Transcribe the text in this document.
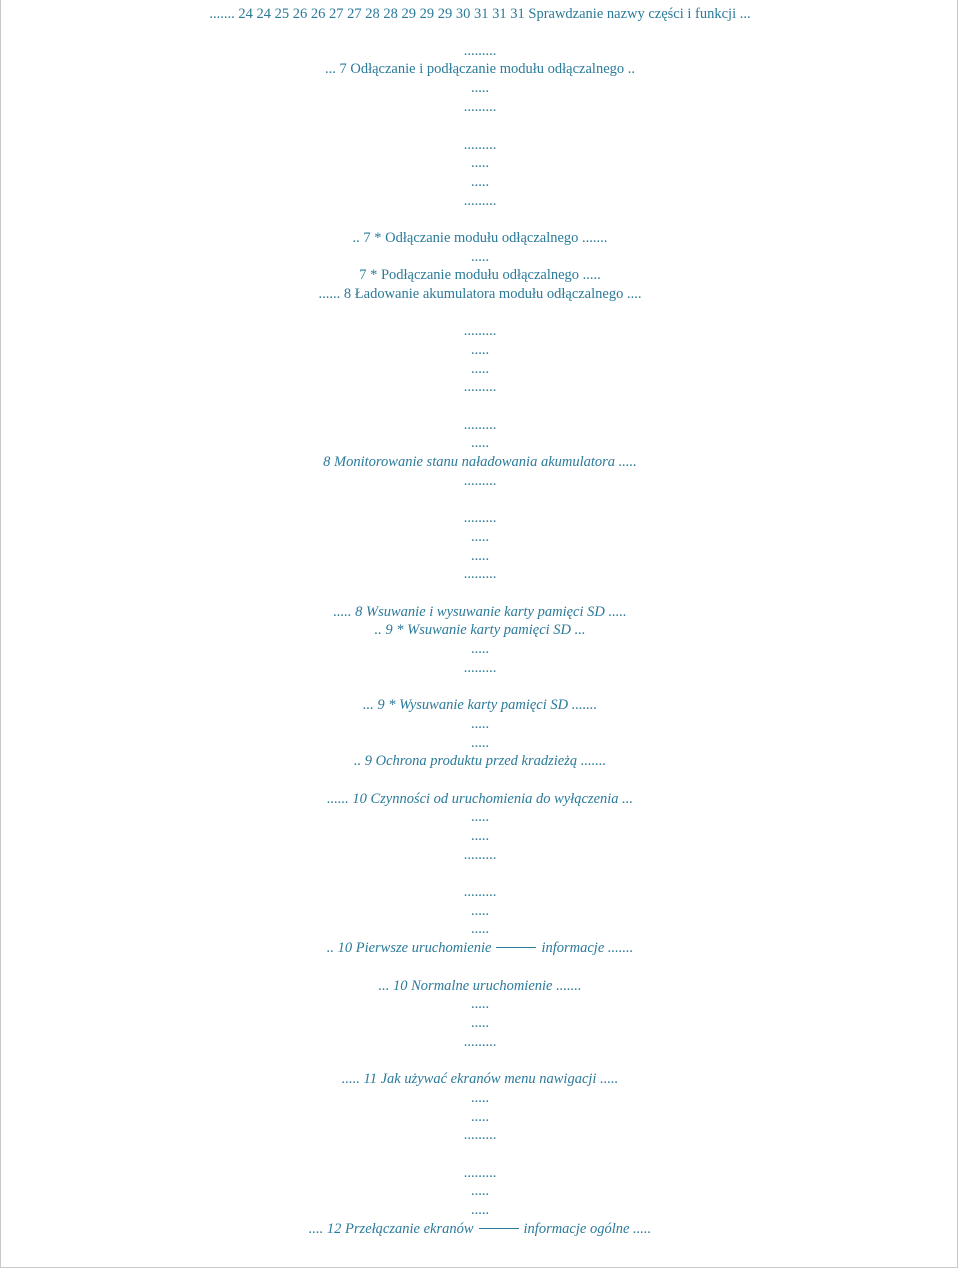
....... 24 24 25 26 26 27 27 28 28 29 29 29 30 31 31 31 Sprawdzanie nazwy części i funkcji ...
.........
... 7 Odłączanie i podłączanie modułu odłączalnego ..
.....
.........
.........
.....
.....
.........
.. 7 * Odłączanie modułu odłączalnego .......
.....
7 * Podłączanie modułu odłączalnego .....
...... 8 Ładowanie akumulatora modułu odłączalnego ....
.........
.....
.....
.........
.........
.....
8 Monitorowanie stanu naładowania akumulatora .....
.........
.........
.....
.....
.........
..... 8 Wsuwanie i wysuwanie karty pamięci SD .....
.. 9 * Wsuwanie karty pamięci SD ...
.....
.........
... 9 * Wysuwanie karty pamięci SD .......
.....
.....
.. 9 Ochrona produktu przed kradzieżą .......
...... 10 Czynności od uruchomienia do wyłączenia ...
.....
.....
.........
.........
.....
.....
.. 10 Pierwsze uruchomienie	informacje .......
... 10 Normalne uruchomienie .......
.....
.....
.........
..... 11 Jak używać ekranów menu nawigacji .....
.....
.....
.........
.........
.....
.....
.... 12 Przełączanie ekranów	informacje ogólne .....
